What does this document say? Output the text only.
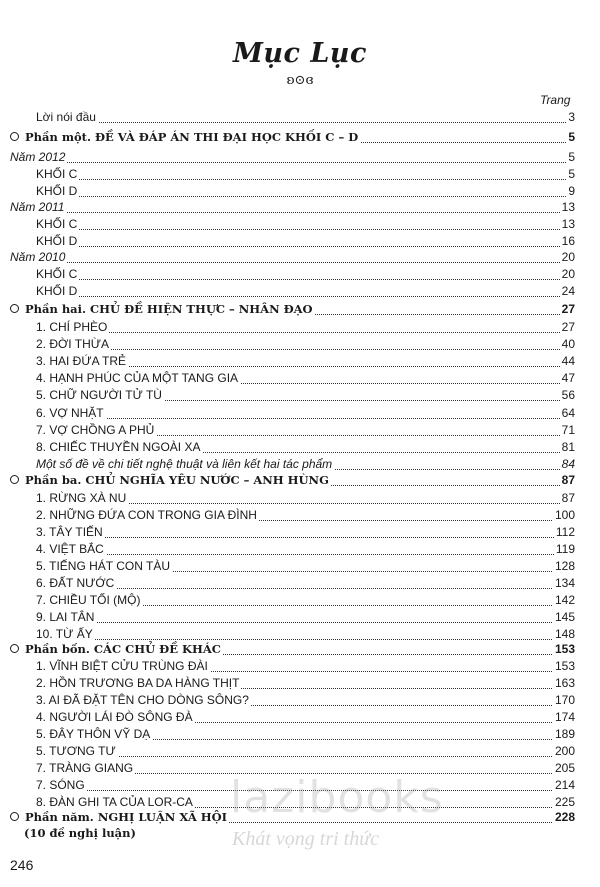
Mục Lục
ʚ⊙ɞ
Trang
Lời nói đầu	3
Phần một. ĐỀ VÀ ĐÁP ÁN THI ĐẠI HỌC KHỐI C – D	5
Năm 2012	5
KHỐI C	5
KHỐI D	9
Năm 2011	13
KHỐI C	13
KHỐI D	16
Năm 2010	20
KHỐI C	20
KHỐI D	24
Phần hai. CHỦ ĐỀ HIỆN THỰC – NHÂN ĐẠO	27
1. CHÍ PHÈO	27
2. ĐỜI THỪA	40
3. HAI ĐỨA TRẺ	44
4. HẠNH PHÚC CỦA MỘT TANG GIA	47
5. CHỮ NGƯỜI TỬ TÙ	56
6. VỢ NHẶT	64
7. VỢ CHỒNG A PHỦ	71
8. CHIẾC THUYỀN NGOÀI XA	81
Một số đề về chi tiết nghệ thuật và liên kết hai tác phẩm	84
Phần ba. CHỦ NGHĨA YÊU NƯỚC – ANH HÙNG	87
1. RỪNG XÀ NU	87
2. NHỮNG ĐỨA CON TRONG GIA ĐÌNH	100
3. TÂY TIẾN	112
4. VIỆT BẮC	119
5. TIẾNG HÁT CON TÀU	128
6. ĐẤT NƯỚC	134
7. CHIỀU TỐI (MỘ)	142
9. LAI TÂN	145
10. TỪ ẤY	148
Phần bốn. CÁC CHỦ ĐỀ KHÁC	153
1. VĨNH BIỆT CỬU TRÙNG ĐÀI	153
2. HỒN TRƯƠNG BA DA HÀNG THỊT	163
3. AI ĐÃ ĐẶT TÊN CHO DÒNG SÔNG?	170
4. NGƯỜI LÁI ĐÒ SÔNG ĐÀ	174
5. ĐÂY THÔN VỸ DẠ	189
5. TƯƠNG TƯ	200
7. TRÀNG GIANG	205
7. SÓNG	214
8. ĐÀN GHI TA CỦA LOR-CA	225
Phần năm. NGHỊ LUẬN XÃ HỘI	228
(10 đề nghị luận)
246
lazibooks
Khát vọng tri thức
